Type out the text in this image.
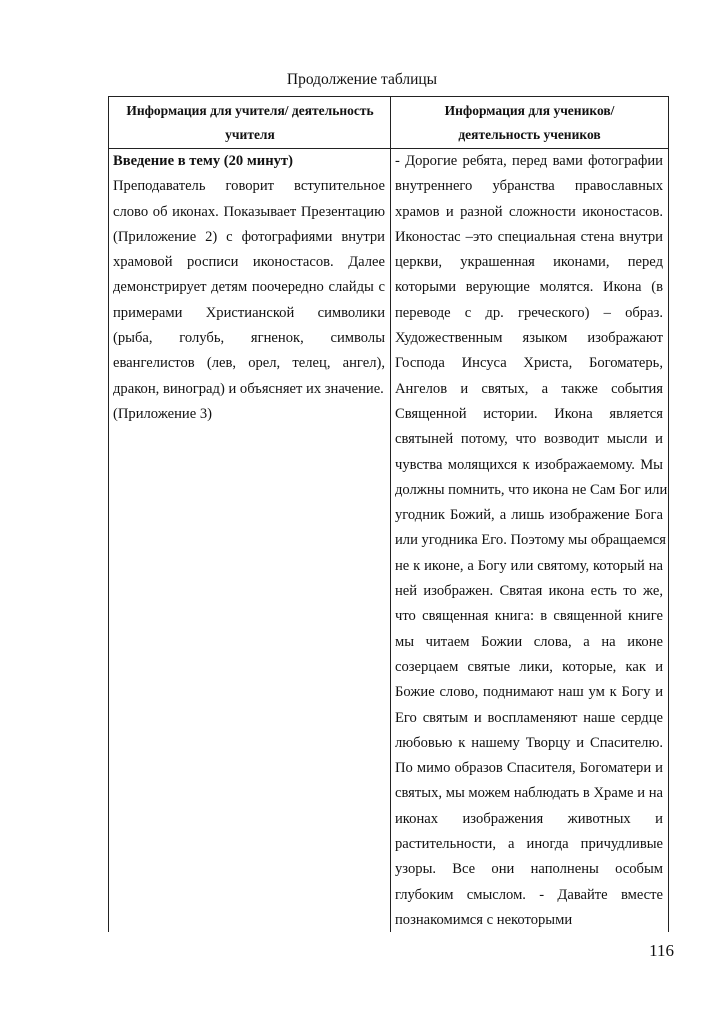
Продолжение таблицы
Информация для учителя/ деятельность
учителя
Информация для учеников/
деятельность учеников
Введение в тему (20 минут)
Преподаватель говорит вступительное
слово об иконах. Показывает Презентацию
(Приложение 2) с фотографиями внутри
храмовой росписи иконостасов. Далее
демонстрирует детям поочередно слайды с
примерами Христианской символики
(рыба, голубь, ягненок, символы
евангелистов (лев, орел, телец, ангел),
дракон, виноград) и объясняет их значение.
(Приложение 3)
- Дорогие ребята, перед вами фотографии
внутреннего убранства православных
храмов и разной сложности иконостасов.
Иконостас –это специальная стена внутри
церкви, украшенная иконами, перед
которыми верующие молятся. Икона (в
переводе с др. греческого) – образ.
Художественным языком изображают
Господа Инсуса Христа, Богоматерь,
Ангелов и святых, а также события
Священной истории. Икона является
святыней потому, что возводит мысли и
чувства молящихся к изображаемому. Мы
должны помнить, что икона не Сам Бог или
угодник Божий, а лишь изображение Бога
или угодника Его. Поэтому мы обращаемся
не к иконе, а Богу или святому, который на
ней изображен. Святая икона есть то же,
что священная книга: в священной книге
мы читаем Божии слова, а на иконе
созерцаем святые лики, которые, как и
Божие слово, поднимают наш ум к Богу и
Его святым и воспламеняют наше сердце
любовью к нашему Творцу и Спасителю.
По мимо образов Спасителя, Богоматери и
святых, мы можем наблюдать в Храме и на
иконах изображения животных и
растительности, а иногда причудливые
узоры. Все они наполнены особым
глубоким смыслом. - Давайте вместе
познакомимся с некоторыми
116
